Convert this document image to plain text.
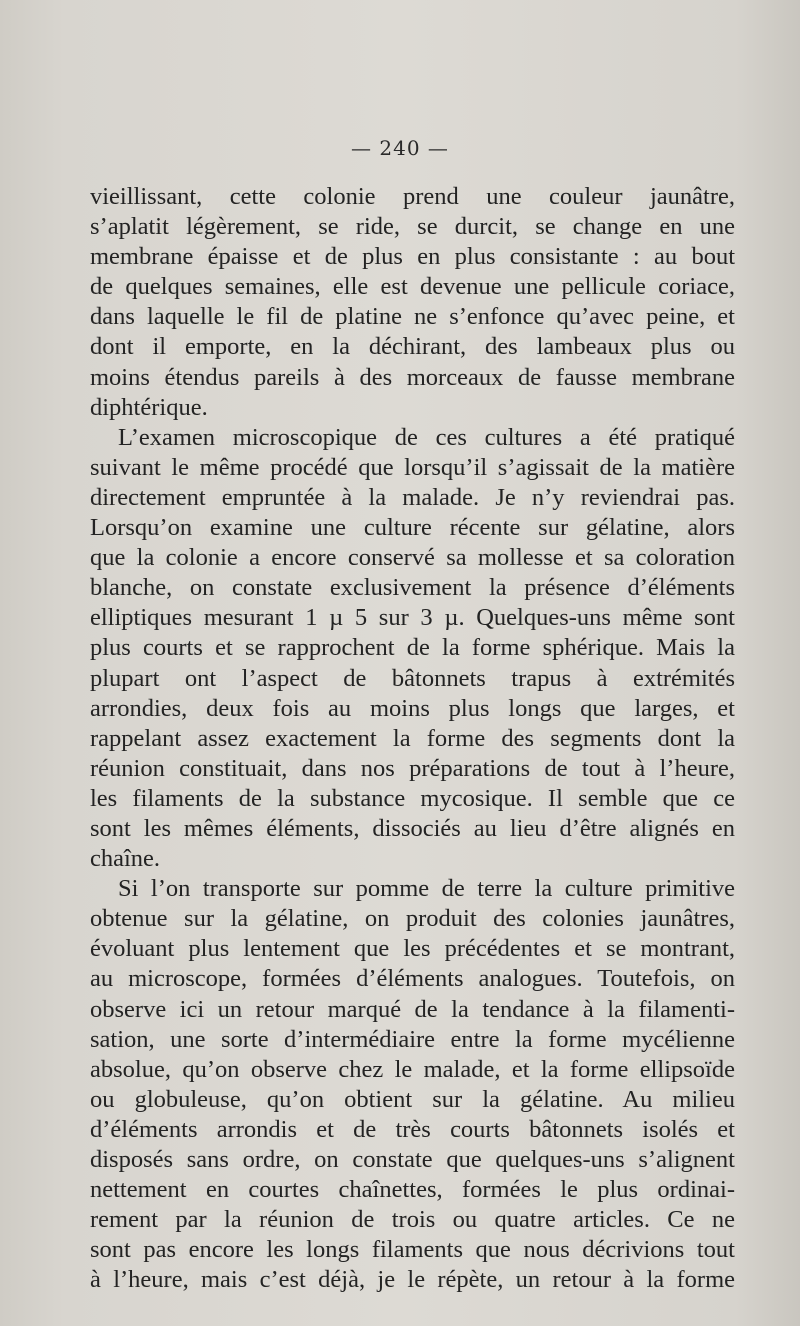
— 240 —
vieillissant, cette colonie prend une couleur jaunâtre,
s’aplatit légèrement, se ride, se durcit, se change en une
membrane épaisse et de plus en plus consistante : au bout
de quelques semaines, elle est devenue une pellicule coriace,
dans laquelle le fil de platine ne s’enfonce qu’avec peine, et
dont il emporte, en la déchirant, des lambeaux plus ou
moins étendus pareils à des morceaux de fausse membrane
diphtérique.
L’examen microscopique de ces cultures a été pratiqué
suivant le même procédé que lorsqu’il s’agissait de la matière
directement empruntée à la malade. Je n’y reviendrai pas.
Lorsqu’on examine une culture récente sur gélatine, alors
que la colonie a encore conservé sa mollesse et sa coloration
blanche, on constate exclusivement la présence d’éléments
elliptiques mesurant 1 µ 5 sur 3 µ. Quelques-uns même sont
plus courts et se rapprochent de la forme sphérique. Mais la
plupart ont l’aspect de bâtonnets trapus à extrémités
arrondies, deux fois au moins plus longs que larges, et
rappelant assez exactement la forme des segments dont la
réunion constituait, dans nos préparations de tout à l’heure,
les filaments de la substance mycosique. Il semble que ce
sont les mêmes éléments, dissociés au lieu d’être alignés en
chaîne.
Si l’on transporte sur pomme de terre la culture primitive
obtenue sur la gélatine, on produit des colonies jaunâtres,
évoluant plus lentement que les précédentes et se montrant,
au microscope, formées d’éléments analogues. Toutefois, on
observe ici un retour marqué de la tendance à la filamenti-
sation, une sorte d’intermédiaire entre la forme mycélienne
absolue, qu’on observe chez le malade, et la forme ellipsoïde
ou globuleuse, qu’on obtient sur la gélatine. Au milieu
d’éléments arrondis et de très courts bâtonnets isolés et
disposés sans ordre, on constate que quelques-uns s’alignent
nettement en courtes chaînettes, formées le plus ordinai-
rement par la réunion de trois ou quatre articles. Ce ne
sont pas encore les longs filaments que nous décrivions tout
à l’heure, mais c’est déjà, je le répète, un retour à la forme
